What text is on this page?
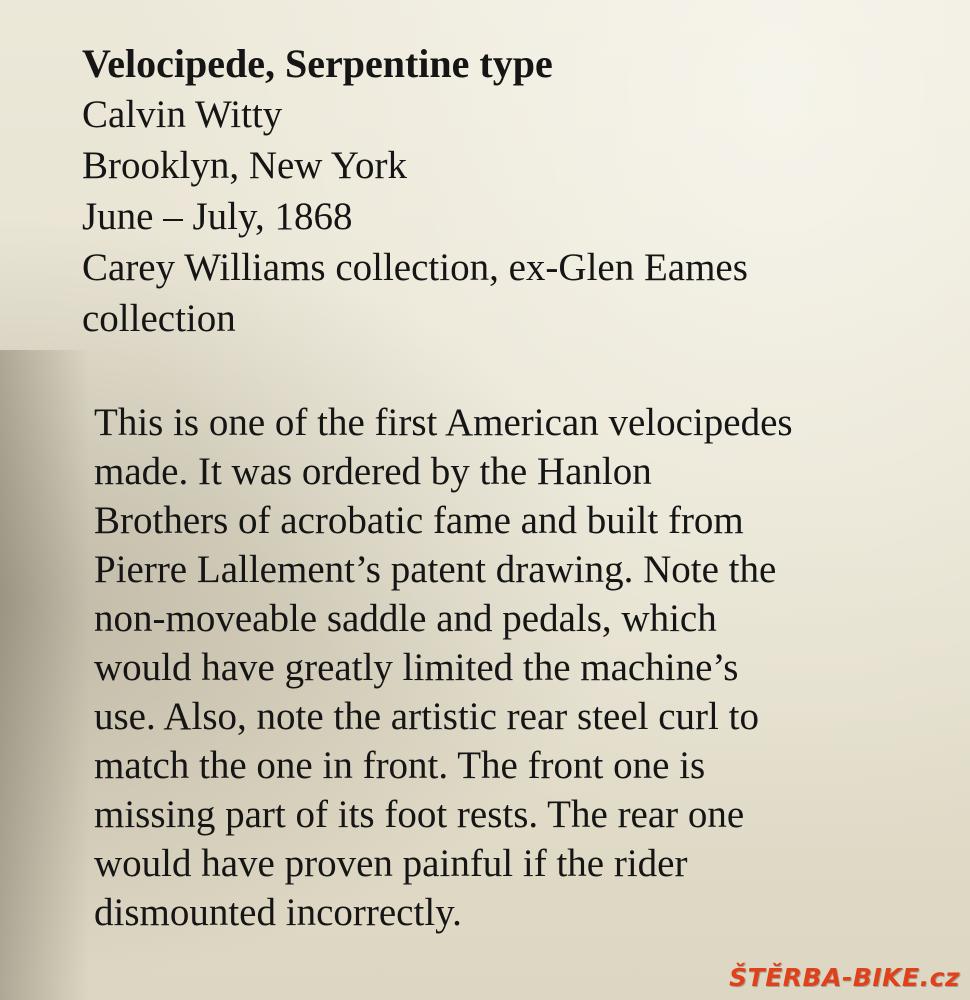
Velocipede, Serpentine type
Calvin Witty
Brooklyn, New York
June – July, 1868
Carey Williams collection, ex-Glen Eames
collection
This is one of the first American velocipedes
made. It was ordered by the Hanlon
Brothers of acrobatic fame and built from
Pierre Lallement’s patent drawing. Note the
non-moveable saddle and pedals, which
would have greatly limited the machine’s
use. Also, note the artistic rear steel curl to
match the one in front. The front one is
missing part of its foot rests. The rear one
would have proven painful if the rider
dismounted incorrectly.
ŠTĚRBA-BIKE.cz
